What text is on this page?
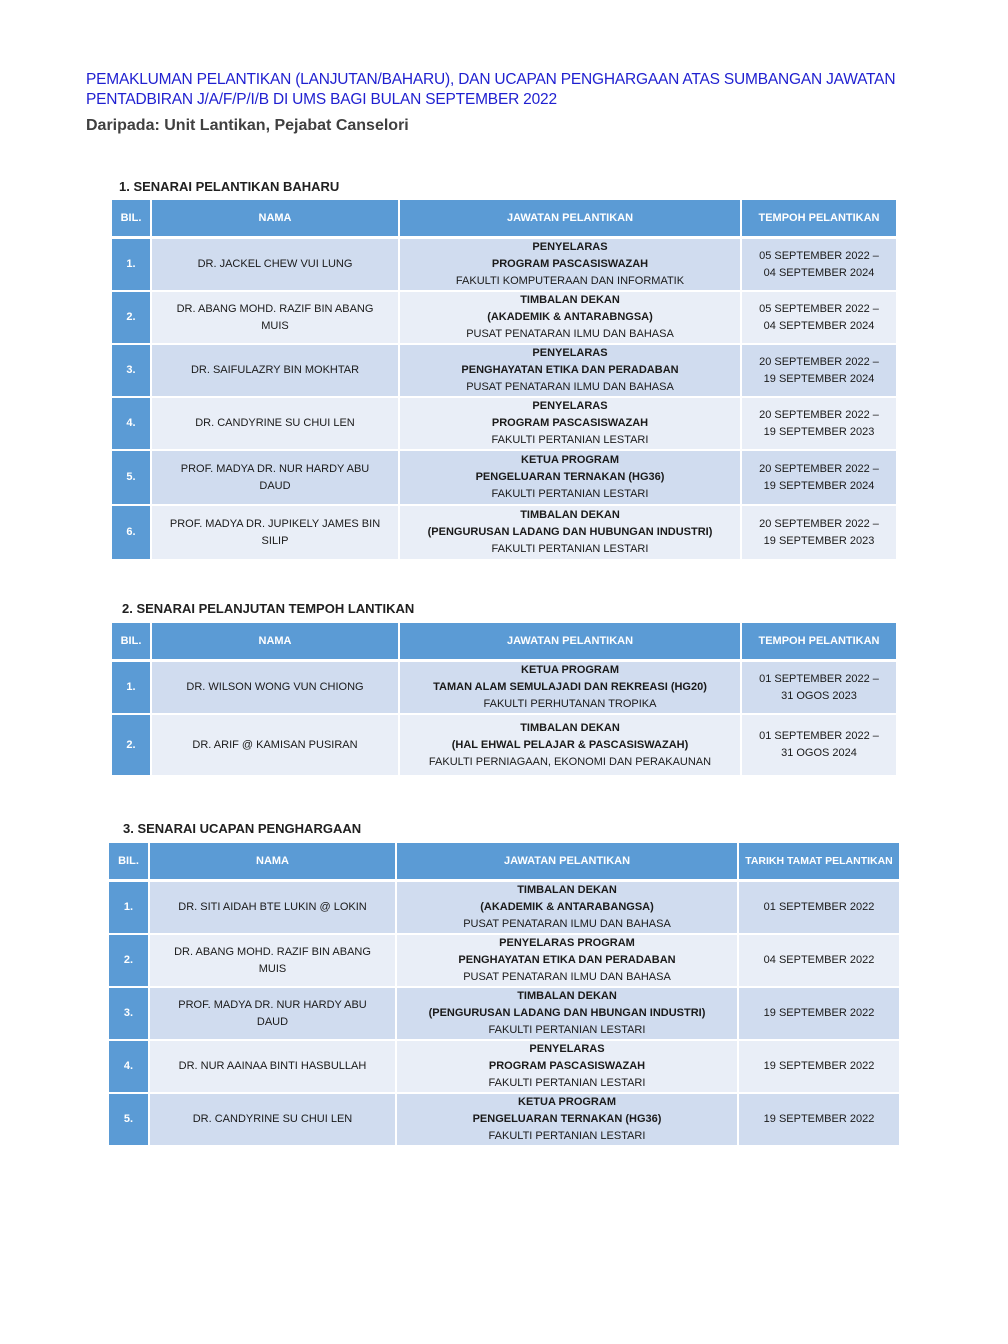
PEMAKLUMAN PELANTIKAN (LANJUTAN/BAHARU), DAN UCAPAN PENGHARGAAN ATAS SUMBANGAN JAWATAN
PENTADBIRAN J/A/F/P/I/B DI UMS BAGI BULAN SEPTEMBER 2022
Daripada: Unit Lantikan, Pejabat Canselori
1. SENARAI PELANTIKAN BAHARU
BIL.	NAMA	JAWATAN PELANTIKAN	TEMPOH PELANTIKAN
1.	DR. JACKEL CHEW VUI LUNG	PENYELARAS
PROGRAM PASCASISWAZAH
FAKULTI KOMPUTERAAN DAN INFORMATIK	05 SEPTEMBER 2022 –
04 SEPTEMBER 2024

2.	DR. ABANG MOHD. RAZIF BIN ABANG MUIS	TIMBALAN DEKAN
(AKADEMIK & ANTARABNGSA)
PUSAT PENATARAN ILMU DAN BAHASA	05 SEPTEMBER 2022 –
04 SEPTEMBER 2024

3.	DR. SAIFULAZRY BIN MOKHTAR	PENYELARAS
PENGHAYATAN ETIKA DAN PERADABAN
PUSAT PENATARAN ILMU DAN BAHASA	20 SEPTEMBER 2022 –
19 SEPTEMBER 2024

4.	DR. CANDYRINE SU CHUI LEN	PENYELARAS
PROGRAM PASCASISWAZAH
FAKULTI PERTANIAN LESTARI	20 SEPTEMBER 2022 –
19 SEPTEMBER 2023

5.	PROF. MADYA DR. NUR HARDY ABU DAUD	KETUA PROGRAM
PENGELUARAN TERNAKAN (HG36)
FAKULTI PERTANIAN LESTARI	20 SEPTEMBER 2022 –
19 SEPTEMBER 2024

6.	PROF. MADYA DR. JUPIKELY JAMES BIN SILIP	TIMBALAN DEKAN
(PENGURUSAN LADANG DAN HUBUNGAN INDUSTRI)
FAKULTI PERTANIAN LESTARI	20 SEPTEMBER 2022 –
19 SEPTEMBER 2023
2. SENARAI PELANJUTAN TEMPOH LANTIKAN
BIL.	NAMA	JAWATAN PELANTIKAN	TEMPOH PELANTIKAN
1.	DR. WILSON WONG VUN CHIONG	KETUA PROGRAM
TAMAN ALAM SEMULAJADI DAN REKREASI (HG20)
FAKULTI PERHUTANAN TROPIKA	01 SEPTEMBER 2022 –
31 OGOS 2023

2.	DR. ARIF @ KAMISAN PUSIRAN	TIMBALAN DEKAN
(HAL EHWAL PELAJAR & PASCASISWAZAH)
FAKULTI PERNIAGAAN, EKONOMI DAN PERAKAUNAN	01 SEPTEMBER 2022 –
31 OGOS 2024
3. SENARAI UCAPAN PENGHARGAAN
BIL.	NAMA	JAWATAN PELANTIKAN	TARIKH TAMAT PELANTIKAN
1.	DR. SITI AIDAH BTE LUKIN @ LOKIN	TIMBALAN DEKAN
(AKADEMIK & ANTARABANGSA)
PUSAT PENATARAN ILMU DAN BAHASA	01 SEPTEMBER 2022

2.	DR. ABANG MOHD. RAZIF BIN ABANG MUIS	PENYELARAS PROGRAM
PENGHAYATAN ETIKA DAN PERADABAN
PUSAT PENATARAN ILMU DAN BAHASA	04 SEPTEMBER 2022

3.	PROF. MADYA DR. NUR HARDY ABU DAUD	TIMBALAN DEKAN
(PENGURUSAN LADANG DAN HBUNGAN INDUSTRI)
FAKULTI PERTANIAN LESTARI	19 SEPTEMBER 2022

4.	DR. NUR AAINAA BINTI HASBULLAH	PENYELARAS
PROGRAM PASCASISWAZAH
FAKULTI PERTANIAN LESTARI	19 SEPTEMBER 2022

5.	DR. CANDYRINE SU CHUI LEN	KETUA PROGRAM
PENGELUARAN TERNAKAN (HG36)
FAKULTI PERTANIAN LESTARI	19 SEPTEMBER 2022
